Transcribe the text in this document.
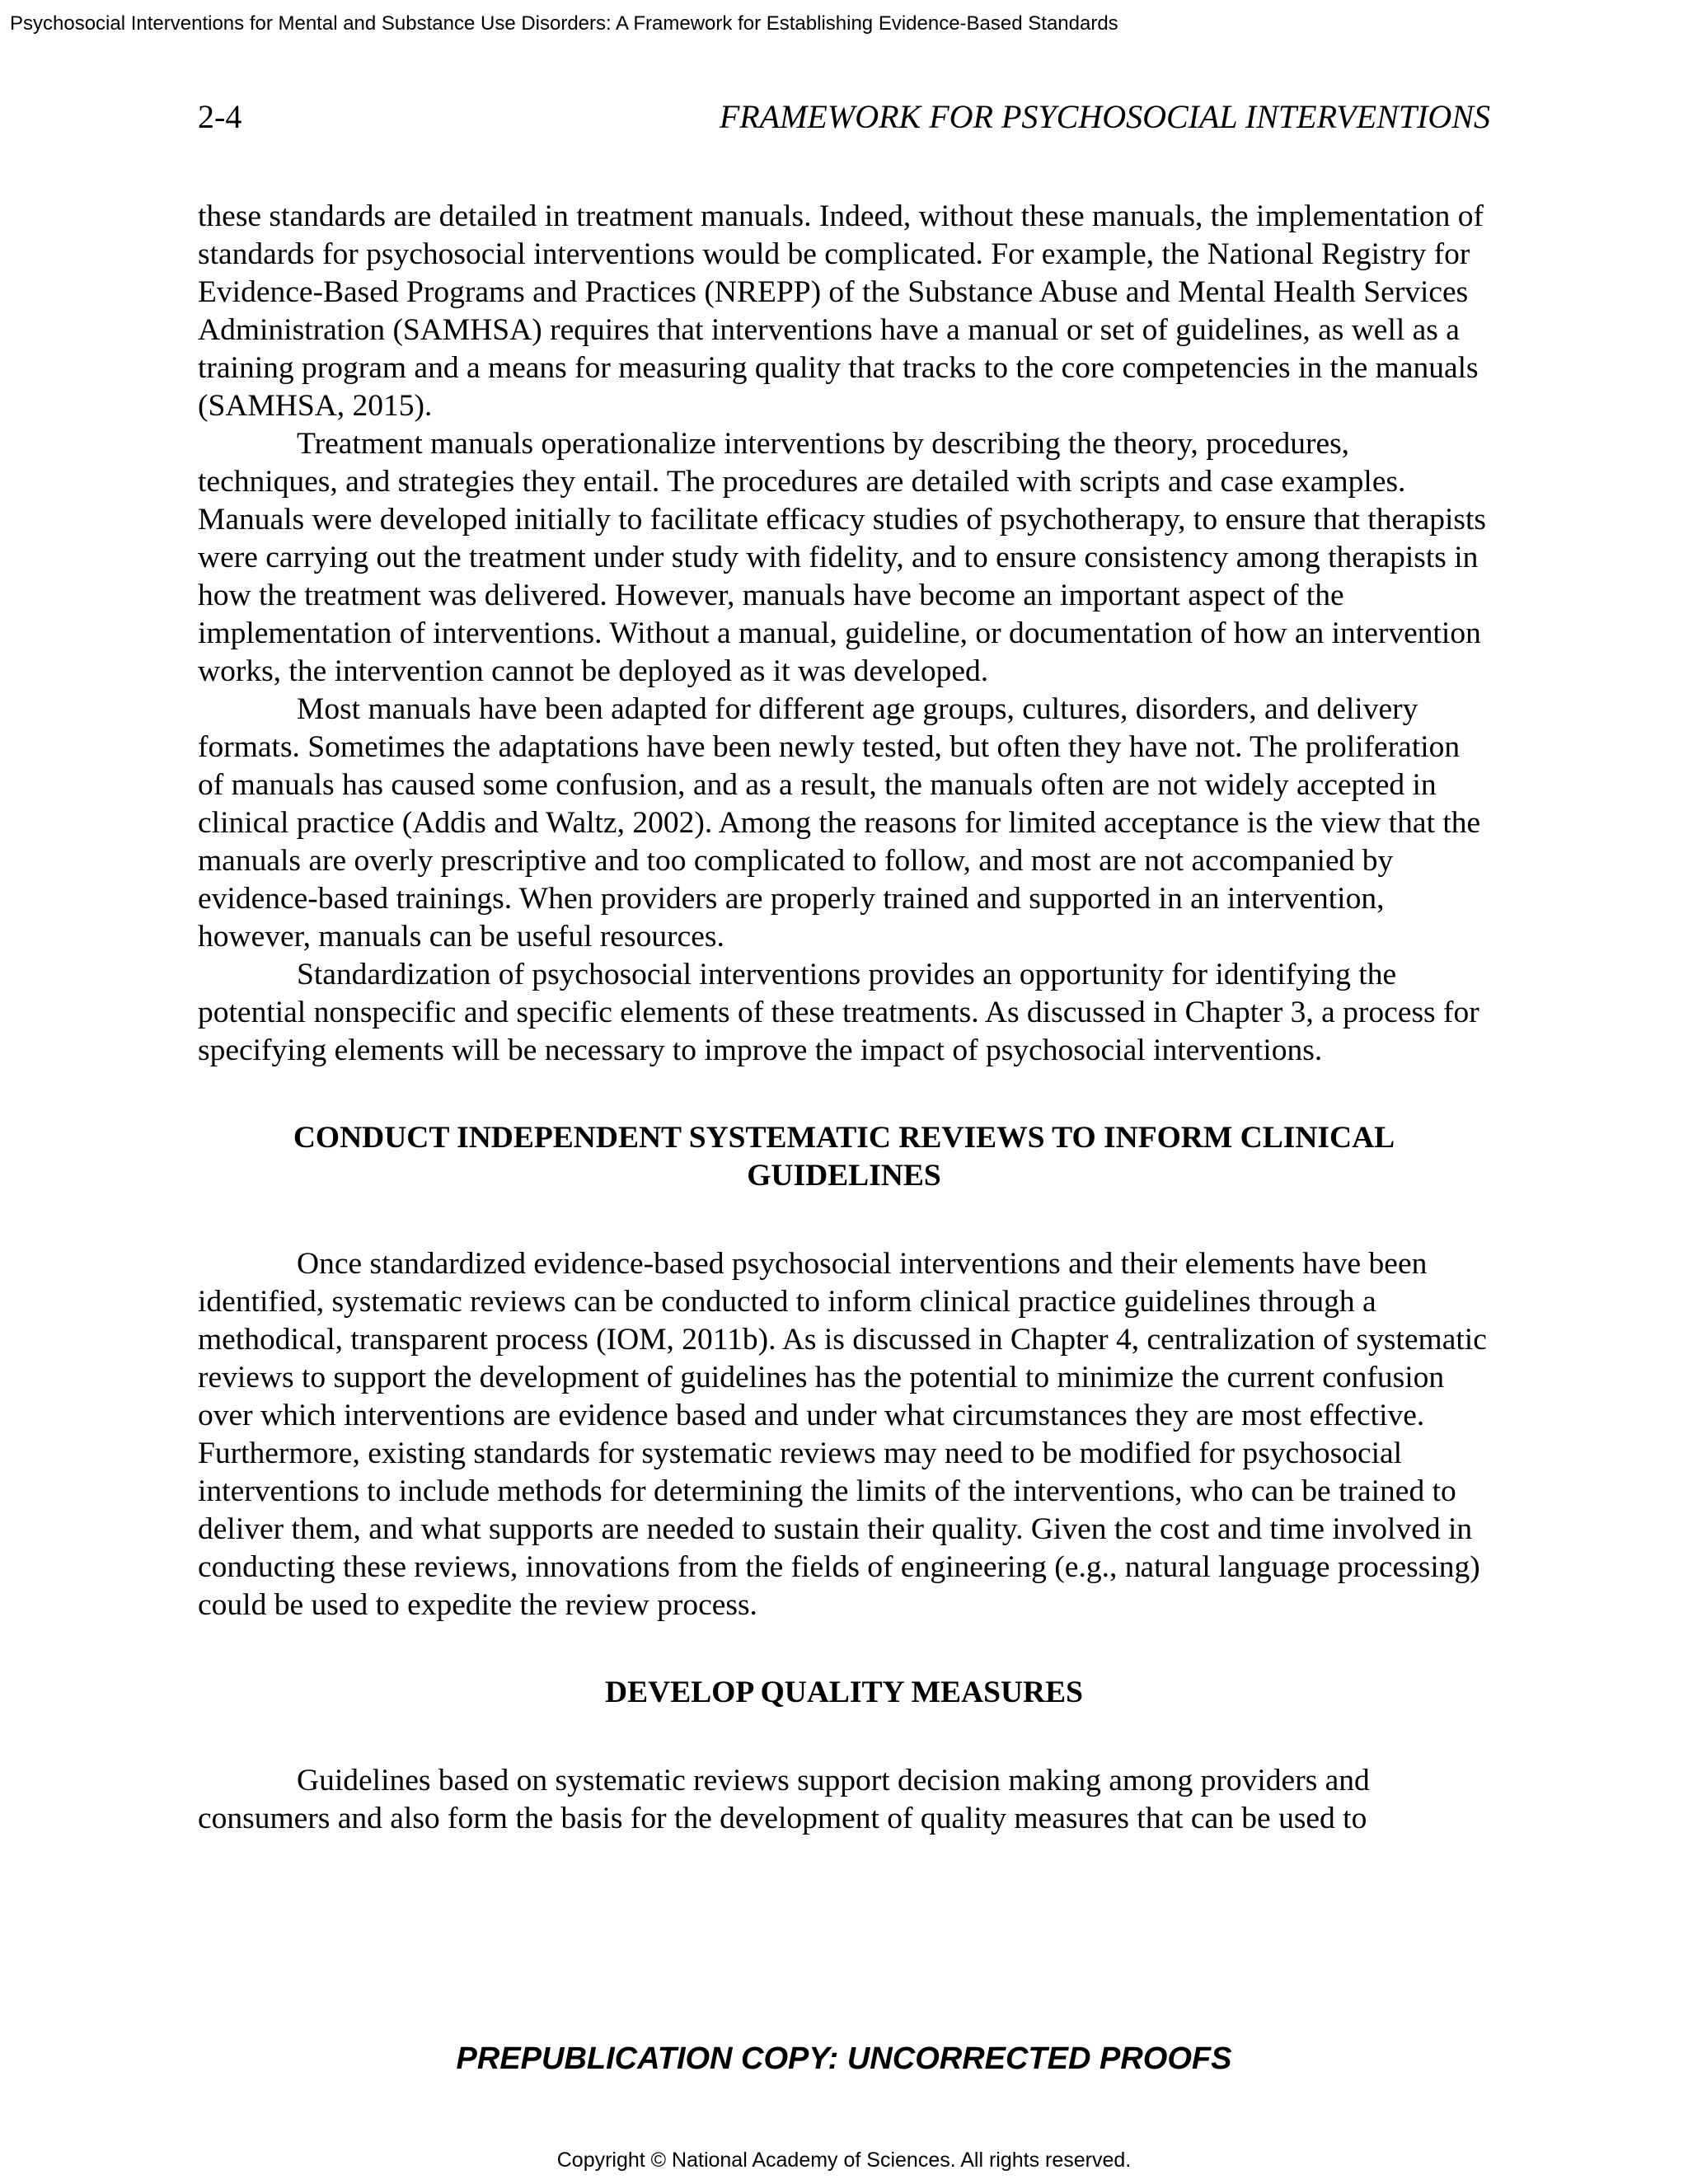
Psychosocial Interventions for Mental and Substance Use Disorders: A Framework for Establishing Evidence-Based Standards
2-4	FRAMEWORK FOR PSYCHOSOCIAL INTERVENTIONS

these standards are detailed in treatment manuals. Indeed, without these manuals, the implementation of standards for psychosocial interventions would be complicated. For example, the National Registry for Evidence-Based Programs and Practices (NREPP) of the Substance Abuse and Mental Health Services Administration (SAMHSA) requires that interventions have a manual or set of guidelines, as well as a training program and a means for measuring quality that tracks to the core competencies in the manuals (SAMHSA, 2015).

Treatment manuals operationalize interventions by describing the theory, procedures, techniques, and strategies they entail. The procedures are detailed with scripts and case examples. Manuals were developed initially to facilitate efficacy studies of psychotherapy, to ensure that therapists were carrying out the treatment under study with fidelity, and to ensure consistency among therapists in how the treatment was delivered. However, manuals have become an important aspect of the implementation of interventions. Without a manual, guideline, or documentation of how an intervention works, the intervention cannot be deployed as it was developed.

Most manuals have been adapted for different age groups, cultures, disorders, and delivery formats. Sometimes the adaptations have been newly tested, but often they have not. The proliferation of manuals has caused some confusion, and as a result, the manuals often are not widely accepted in clinical practice (Addis and Waltz, 2002). Among the reasons for limited acceptance is the view that the manuals are overly prescriptive and too complicated to follow, and most are not accompanied by evidence-based trainings. When providers are properly trained and supported in an intervention, however, manuals can be useful resources.

Standardization of psychosocial interventions provides an opportunity for identifying the potential nonspecific and specific elements of these treatments. As discussed in Chapter 3, a process for specifying elements will be necessary to improve the impact of psychosocial interventions.

CONDUCT INDEPENDENT SYSTEMATIC REVIEWS TO INFORM CLINICAL
GUIDELINES

Once standardized evidence-based psychosocial interventions and their elements have been identified, systematic reviews can be conducted to inform clinical practice guidelines through a methodical, transparent process (IOM, 2011b). As is discussed in Chapter 4, centralization of systematic reviews to support the development of guidelines has the potential to minimize the current confusion over which interventions are evidence based and under what circumstances they are most effective. Furthermore, existing standards for systematic reviews may need to be modified for psychosocial interventions to include methods for determining the limits of the interventions, who can be trained to deliver them, and what supports are needed to sustain their quality. Given the cost and time involved in conducting these reviews, innovations from the fields of engineering (e.g., natural language processing) could be used to expedite the review process.

DEVELOP QUALITY MEASURES

Guidelines based on systematic reviews support decision making among providers and consumers and also form the basis for the development of quality measures that can be used to

PREPUBLICATION COPY: UNCORRECTED PROOFS
Copyright © National Academy of Sciences. All rights reserved.
